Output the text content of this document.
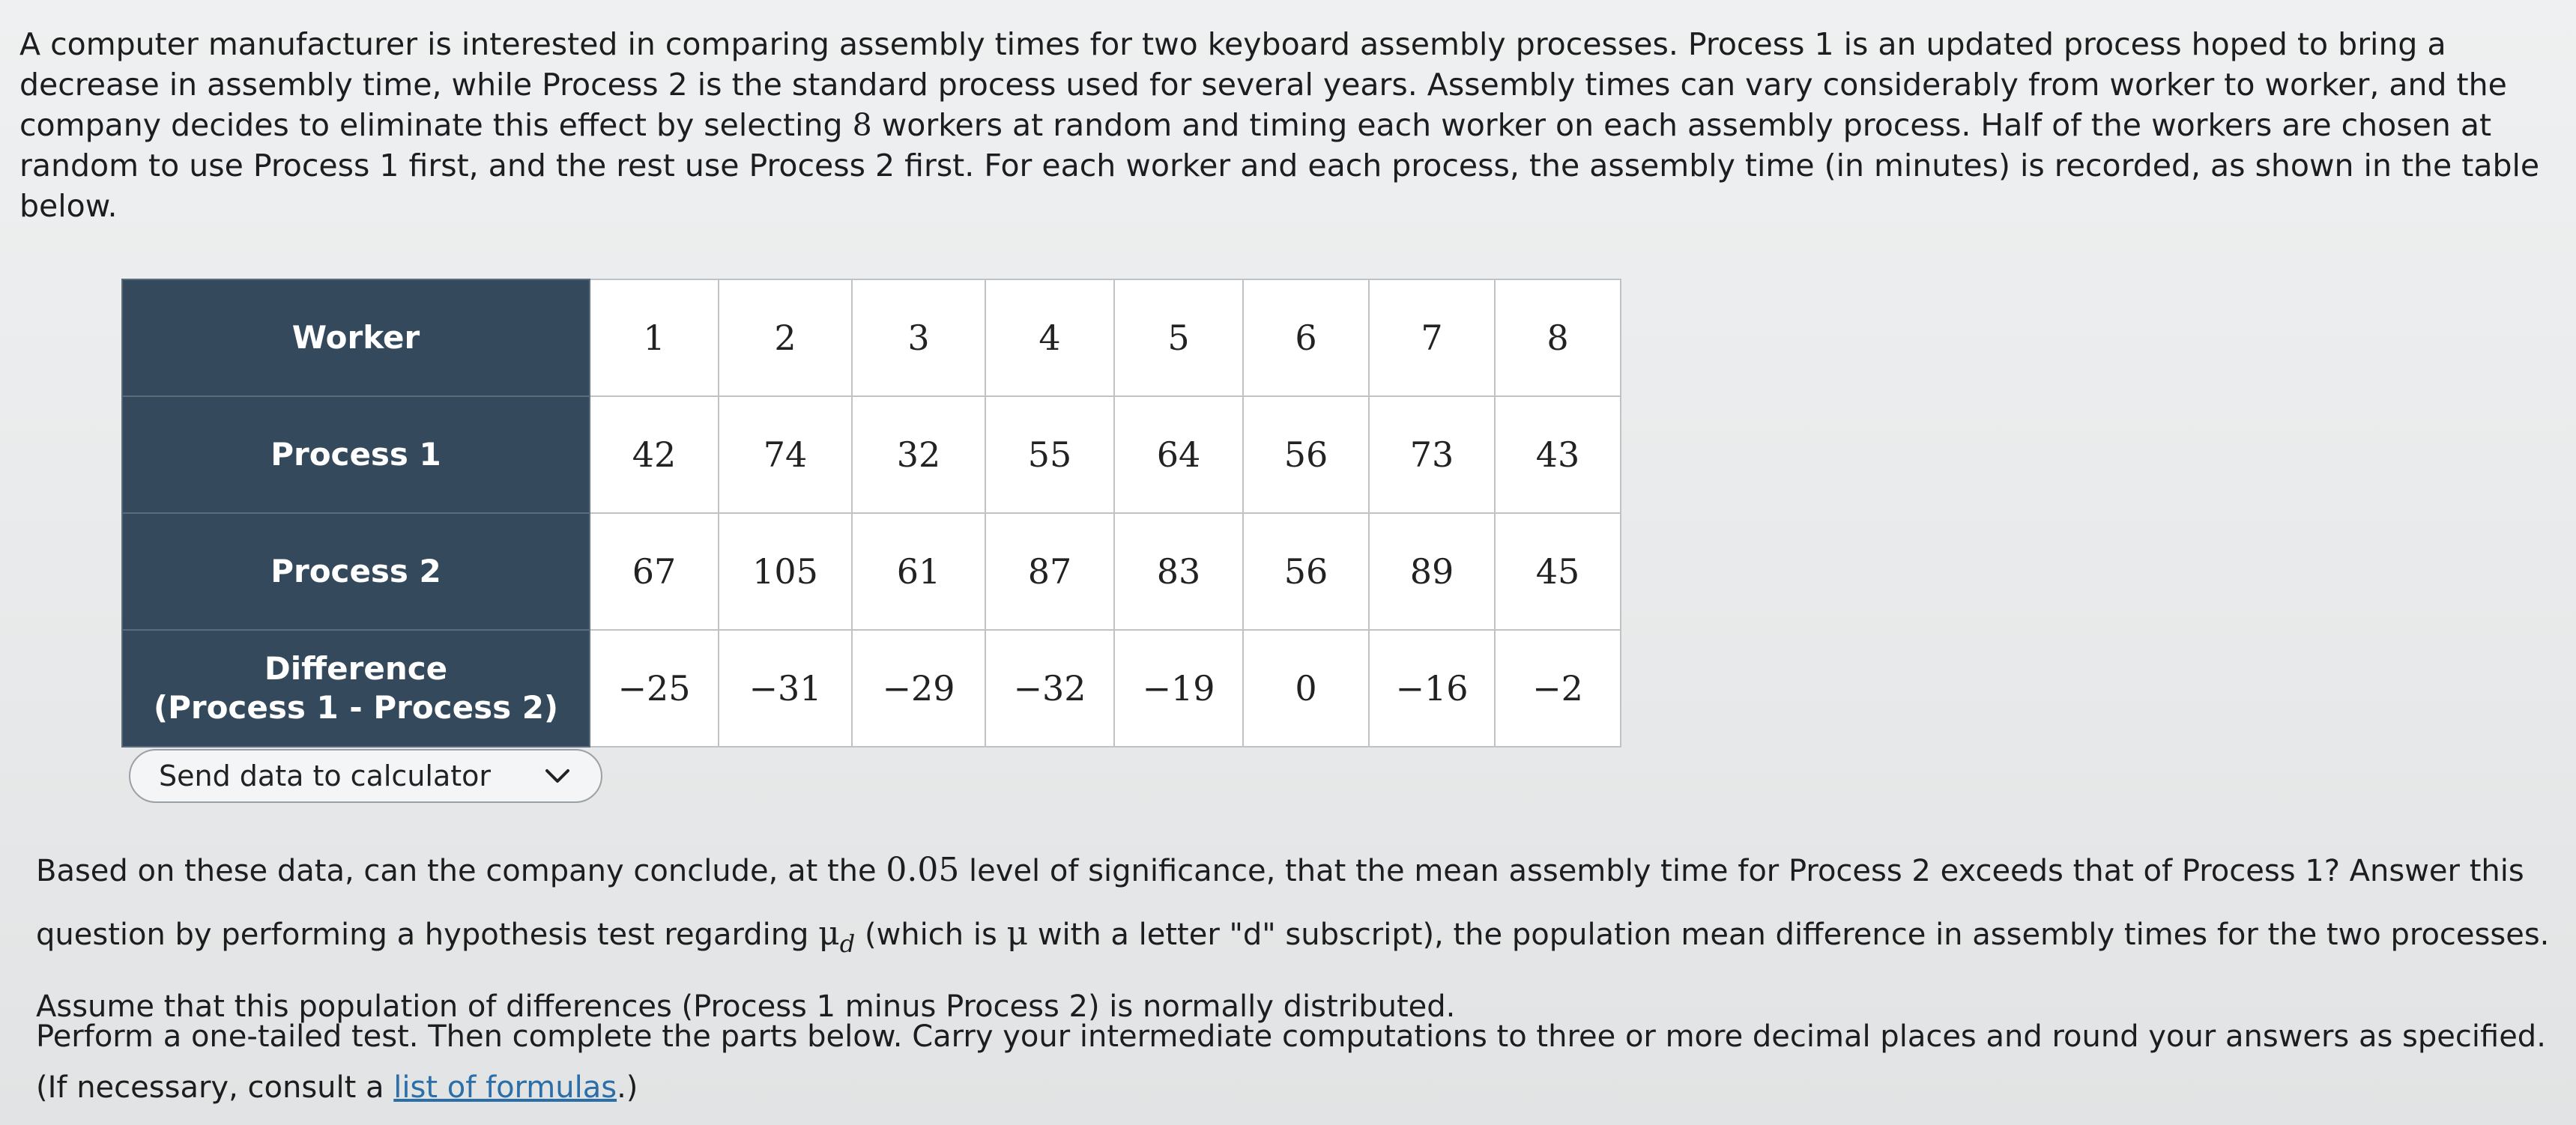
A computer manufacturer is interested in comparing assembly times for two keyboard assembly processes. Process 1 is an updated process hoped to bring a decrease in assembly time, while Process 2 is the standard process used for several years. Assembly times can vary considerably from worker to worker, and the company decides to eliminate this effect by selecting 8 workers at random and timing each worker on each assembly process. Half of the workers are chosen at random to use Process 1 first, and the rest use Process 2 first. For each worker and each process, the assembly time (in minutes) is recorded, as shown in the table below.

Worker	1	2	3	4	5	6	7	8
Process 1	42	74	32	55	64	56	73	43
Process 2	67	105	61	87	83	56	89	45
Difference
(Process 1 - Process 2)	−25	−31	−29	−32	−19	0	−16	−2
Send data to calculator

Based on these data, can the company conclude, at the 0.05 level of significance, that the mean assembly time for Process 2 exceeds that of Process 1? Answer this question by performing a hypothesis test regarding $\mu_d$ (which is μ with a letter "d" subscript), the population mean difference in assembly times for the two processes. Assume that this population of differences (Process 1 minus Process 2) is normally distributed.

Perform a one-tailed test. Then complete the parts below. Carry your intermediate computations to three or more decimal places and round your answers as specified. (If necessary, consult a list of formulas.)
